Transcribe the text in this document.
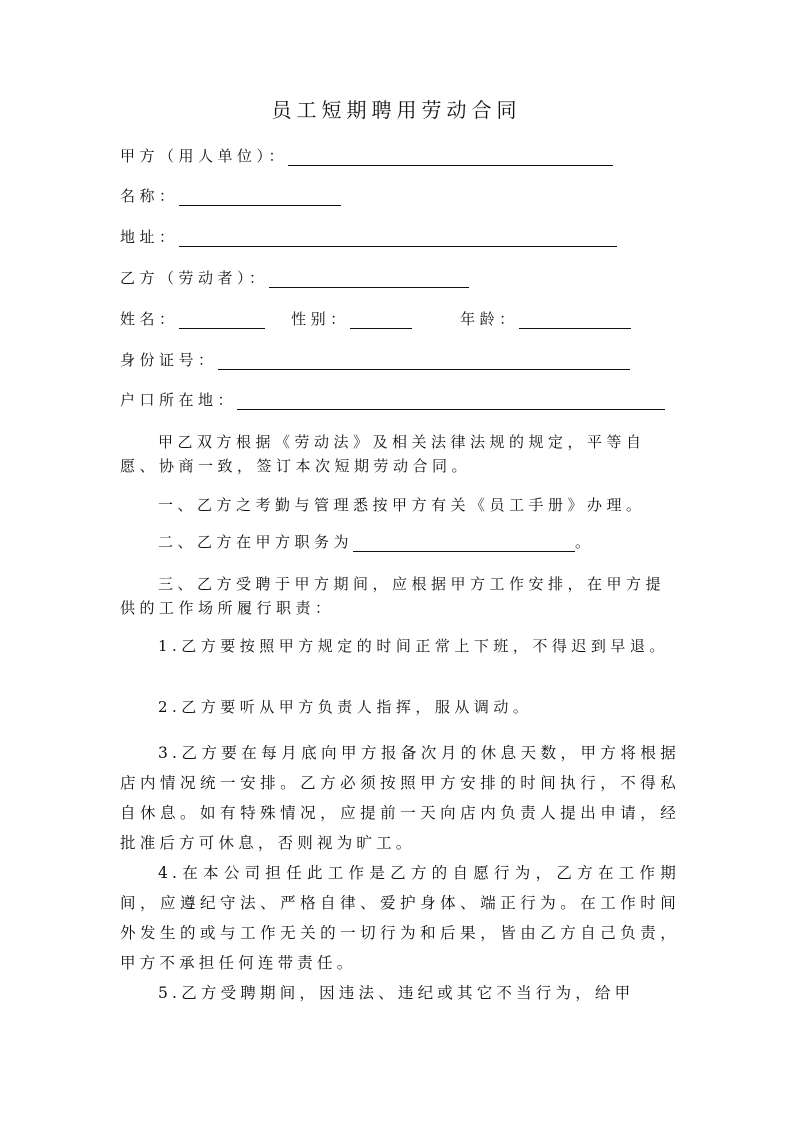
员工短期聘用劳动合同
甲方（用人单位）：
名称：
地址：
乙方（劳动者）：
姓名：	性别：	年龄：
身份证号：
户口所在地：

甲乙双方根据《劳动法》及相关法律法规的规定，平等自愿、协商一致，签订本次短期劳动合同。

一、乙方之考勤与管理悉按甲方有关《员工手册》办理。

二、乙方在甲方职务为	。

三、乙方受聘于甲方期间，应根据甲方工作安排，在甲方提供的工作场所履行职责：

1.乙方要按照甲方规定的时间正常上下班，不得迟到早退。

2.乙方要听从甲方负责人指挥，服从调动。

3.乙方要在每月底向甲方报备次月的休息天数，甲方将根据店内情况统一安排。乙方必须按照甲方安排的时间执行，不得私自休息。如有特殊情况，应提前一天向店内负责人提出申请，经批准后方可休息，否则视为旷工。

4.在本公司担任此工作是乙方的自愿行为，乙方在工作期间，应遵纪守法、严格自律、爱护身体、端正行为。在工作时间外发生的或与工作无关的一切行为和后果，皆由乙方自己负责，甲方不承担任何连带责任。

5.乙方受聘期间，因违法、违纪或其它不当行为，给甲
